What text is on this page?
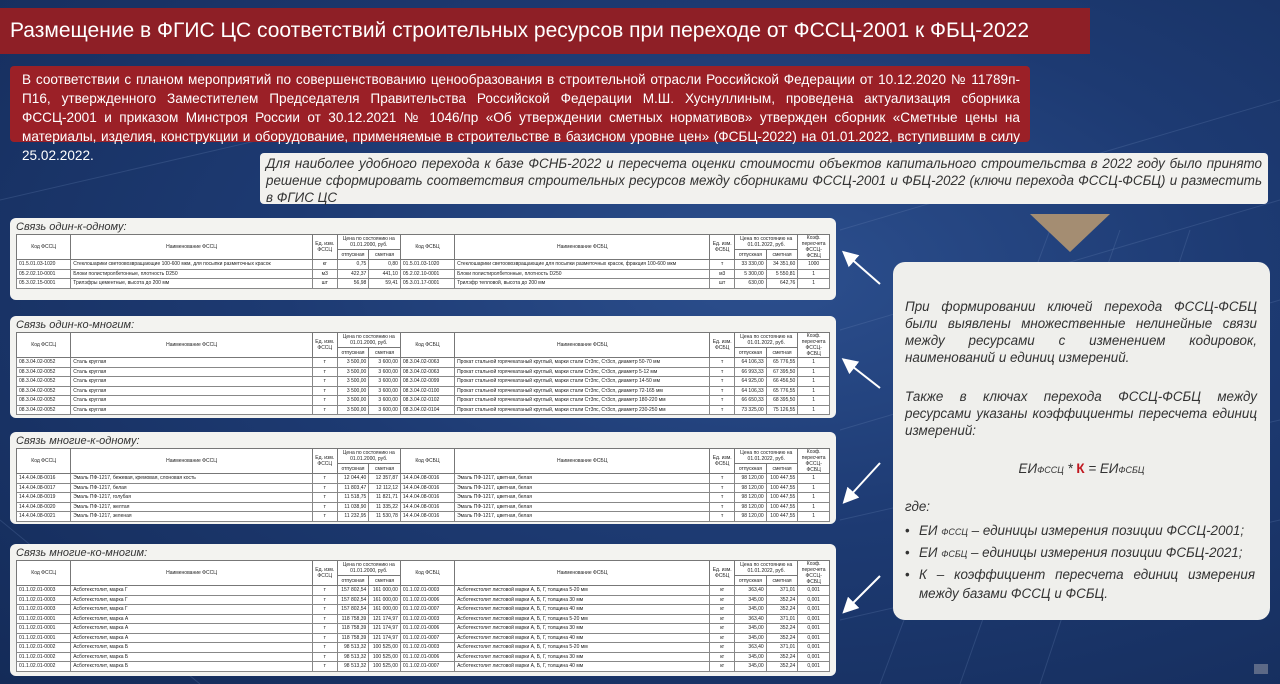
Размещение в ФГИС ЦС соответствий строительных ресурсов при переходе от ФССЦ-2001 к ФБЦ-2022
В соответствии с планом мероприятий по совершенствованию ценообразования в строительной отрасли Российской Федерации от 10.12.2020 № 11789п-П16, утвержденного Заместителем Председателя Правительства Российской Федерации М.Ш. Хуснуллиным, проведена актуализация сборника ФССЦ-2001 и приказом Минстроя России от 30.12.2021 № 1046/пр «Об утверждении сметных нормативов» утвержден сборник «Сметные цены на материалы, изделия, конструкции и оборудование, применяемые в строительстве в базисном уровне цен» (ФСБЦ-2022) на 01.01.2022, вступившим в силу 25.02.2022.
Для наиболее удобного перехода к базе ФСНБ-2022 и пересчета оценки стоимости объектов капитального строительства в 2022 году было принято решение сформировать соответствия строительных ресурсов между сборниками ФССЦ-2001 и ФБЦ-2022 (ключи перехода ФССЦ-ФСБЦ) и разместить в ФГИС ЦС
Связь один-к-одному:
Код ФССЦ	Наименование ФССЦ	Ед. изм. ФССЦ	Цена по состоянию на 01.01.2000, руб.		Код ФСБЦ	Наименование ФСБЦ	Ед. изм. ФСБЦ	Цена по состоянию на 01.01.2022, руб.		Коэф. пересчета ФССЦ-ФСБЦ
			отпускная	сметная				отпускная	сметная	
01.5.01.03-1020	Стеклошарики светоовозвращающие 100-600 мкм, для посыпки разметочных красок	кг	0,75	0,80	01.5.01.03-1020	Стеклошарики светоовозвращающие для посыпки разметочных красок, фракция 100-600 мкм	т	33 330,00	34 351,60	1000
05.2.02.10-0001	Блоки полистиролбетонные, плотность D250	м3	422,37	441,10	05.2.02.10-0001	Блоки полистиролбетонные, плотность D250	м3	5 300,00	5 550,81	1
05.3.02.15-0001	Трилэфры цементные, высота до 200 мм	шт	56,98	59,41	05.3.01.17-0001	Трилэфр тепловой, высота до 200 мм	шт	630,00	642,76	1
Связь один-ко-многим:
Код ФССЦ	Наименование ФССЦ	Ед. изм. ФССЦ	Цена по состоянию на 01.01.2000, руб.		Код ФСБЦ	Наименование ФСБЦ	Ед. изм. ФСБЦ	Цена по состоянию на 01.01.2022, руб.		Коэф. пересчета ФССЦ-ФСБЦ
			отпускная	сметная				отпускная	сметная	
08.3.04.02-0052	Сталь круглая	т	3 500,00	3 600,00	08.3.04.02-0063	Прокат стальной горячекатаный круглый, марки стали Ст3пс, Ст3сп, диаметр 50-70 мм	т	64 106,33	65 776,55	1
08.3.04.02-0052	Сталь круглая	т	3 500,00	3 600,00	08.3.04.02-0063	Прокат стальной горячекатаный круглый, марки стали Ст3пс, Ст3сп, диаметр 5-12 мм	т	66 993,33	67 395,50	1
08.3.04.02-0052	Сталь круглая	т	3 500,00	3 600,00	08.3.04.02-0099	Прокат стальной горячекатаный круглый, марки стали Ст3пс, Ст3сп, диаметр 14-50 мм	т	64 925,00	66 456,50	1
08.3.04.02-0052	Сталь круглая	т	3 500,00	3 600,00	08.3.04.02-0100	Прокат стальной горячекатаный круглый, марки стали Ст3пс, Ст3сп, диаметр 72-165 мм	т	64 106,33	65 776,55	1
08.3.04.02-0052	Сталь круглая	т	3 500,00	3 600,00	08.3.04.02-0102	Прокат стальной горячекатаный круглый, марки стали Ст3пс, Ст3сп, диаметр 180-220 мм	т	66 650,33	68 395,50	1
08.3.04.02-0052	Сталь круглая	т	3 500,00	3 600,00	08.3.04.02-0104	Прокат стальной горячекатаный круглый, марки стали Ст3пс, Ст3сп, диаметр 230-250 мм	т	73 325,00	75 126,55	1
Связь многие-к-одному:
Код ФССЦ	Наименование ФССЦ	Ед. изм. ФССЦ	Цена по состоянию на 01.01.2000, руб.		Код ФСБЦ	Наименование ФСБЦ	Ед. изм. ФСБЦ	Цена по состоянию на 01.01.2022, руб.		Коэф. пересчета ФССЦ-ФСБЦ
			отпускная	сметная				отпускная	сметная	
14.4.04.08-0016	Эмаль ПФ-1217, бежевая, кремовая, слоновая кость	т	12 044,40	12 357,87	14.4.04.08-0016	Эмаль ПФ-1217, цветная, белая	т	98 120,00	100 447,55	1
14.4.04.08-0017	Эмаль ПФ-1217, белая	т	11 803,47	12 112,12	14.4.04.08-0016	Эмаль ПФ-1217, цветная, белая	т	98 120,00	100 447,55	1
14.4.04.08-0019	Эмаль ПФ-1217, голубая	т	11 518,75	11 821,71	14.4.04.08-0016	Эмаль ПФ-1217, цветная, белая	т	98 120,00	100 447,55	1
14.4.04.08-0020	Эмаль ПФ-1217, желтая	т	11 038,90	11 335,22	14.4.04.08-0016	Эмаль ПФ-1217, цветная, белая	т	98 120,00	100 447,55	1
14.4.04.08-0021	Эмаль ПФ-1217, зеленая	т	11 232,95	11 530,78	14.4.04.08-0016	Эмаль ПФ-1217, цветная, белая	т	98 120,00	100 447,55	1
Связь многие-ко-многим:
Код ФССЦ	Наименование ФССЦ	Ед. изм. ФССЦ	Цена по состоянию на 01.01.2000, руб.		Код ФСБЦ	Наименование ФСБЦ	Ед. изм. ФСБЦ	Цена по состоянию на 01.01.2022, руб.		Коэф. пересчета ФССЦ-ФСБЦ
			отпускная	сметная				отпускная	сметная	
01.1.02.01-0003	Асботекстолит, марка Г	т	157 802,54	161 000,00	01.1.02.01-0003	Асботекстолит листовой марки А, Б, Г, толщина 5-20 мм	кг	363,40	371,01	0,001
01.1.02.01-0003	Асботекстолит, марка Г	т	157 802,54	161 000,00	01.1.02.01-0006	Асботекстолит листовой марки А, Б, Г, толщина 30 мм	кг	345,00	352,24	0,001
01.1.02.01-0003	Асботекстолит, марка Г	т	157 802,54	161 000,00	01.1.02.01-0007	Асботекстолит листовой марки А, Б, Г, толщина 40 мм	кг	345,00	352,24	0,001
01.1.02.01-0001	Асботекстолит, марка А	т	118 758,39	121 174,97	01.1.02.01-0003	Асботекстолит листовой марки А, Б, Г, толщина 5-20 мм	кг	363,40	371,01	0,001
01.1.02.01-0001	Асботекстолит, марка А	т	118 758,39	121 174,97	01.1.02.01-0006	Асботекстолит листовой марки А, Б, Г, толщина 30 мм	кг	345,00	352,24	0,001
01.1.02.01-0001	Асботекстолит, марка А	т	118 758,39	121 174,97	01.1.02.01-0007	Асботекстолит листовой марки А, Б, Г, толщина 40 мм	кг	345,00	352,24	0,001
01.1.02.01-0002	Асботекстолит, марка Б	т	98 513,32	100 525,00	01.1.02.01-0003	Асботекстолит листовой марки А, Б, Г, толщина 5-20 мм	кг	363,40	371,01	0,001
01.1.02.01-0002	Асботекстолит, марка Б	т	98 513,32	100 525,00	01.1.02.01-0006	Асботекстолит листовой марки А, Б, Г, толщина 30 мм	кг	345,00	352,24	0,001
01.1.02.01-0002	Асботекстолит, марка Б	т	98 513,32	100 525,00	01.1.02.01-0007	Асботекстолит листовой марки А, Б, Г, толщина 40 мм	кг	345,00	352,24	0,001

При формировании ключей перехода ФССЦ-ФСБЦ были выявлены множественные нелинейные связи между ресурсами с изменением кодировок, наименований и единиц измерений.

Также в ключах перехода ФССЦ-ФСБЦ между ресурсами указаны коэффициенты пересчета единиц измерений:

ЕИФССЦ * К = ЕИФСБЦ

где:

• ЕИ ФССЦ – единицы измерения позиции ФССЦ-2001;
• ЕИ ФСБЦ – единицы измерения позиции ФСБЦ-2021;
• К – коэффициент пересчета единиц измерения между базами ФССЦ и ФСБЦ.
